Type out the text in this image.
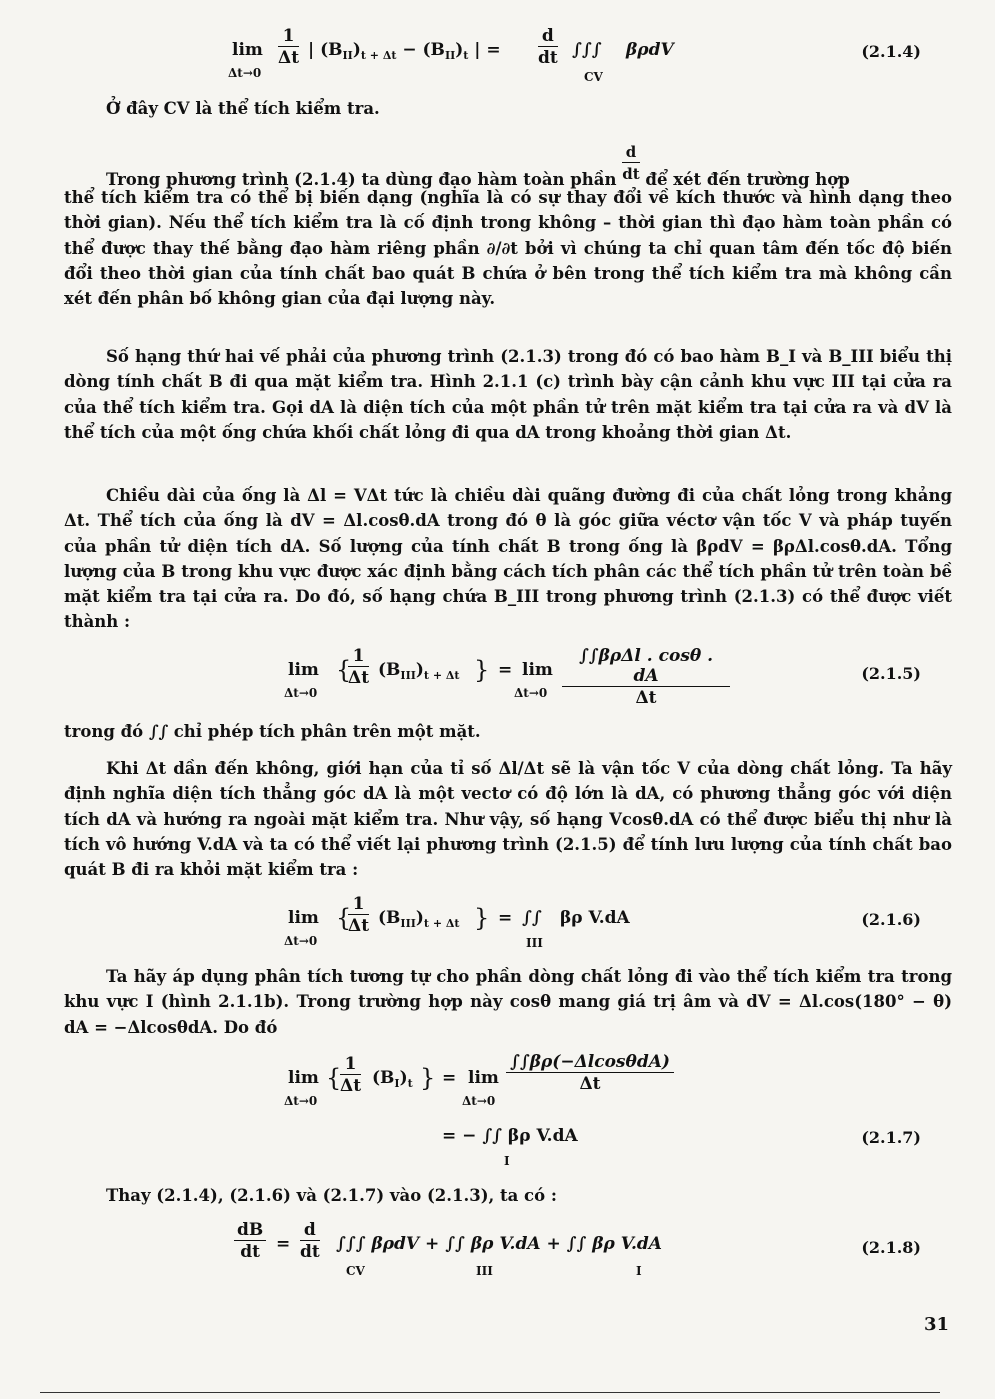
lim
Δt→0
$\frac{1}{\Delta t}$ | $(B_{II})_{t + \Delta t} - (B_{II})_t$ | = $\frac{d}{dt}$ ∫∫∫ βρdV
CV
(2.1.4)

Ở đây CV là thể tích kiểm tra.

Trong phương trình (2.1.4) ta dùng đạo hàm toàn phần $\frac{d}{dt}$ để xét đến trường hợp

thể tích kiểm tra có thể bị biến dạng (nghĩa là có sự thay đổi về kích thước và hình dạng theo thời gian). Nếu thể tích kiểm tra là cố định trong không – thời gian thì đạo hàm toàn phần có thể được thay thế bằng đạo hàm riêng phần ∂/∂t bởi vì chúng ta chỉ quan tâm đến tốc độ biến đổi theo thời gian của tính chất bao quát B chứa ở bên trong thể tích kiểm tra mà không cần xét đến phân bố không gian của đại lượng này.

Số hạng thứ hai vế phải của phương trình (2.1.3) trong đó có bao hàm B_I và B_III biểu thị dòng tính chất B đi qua mặt kiểm tra. Hình 2.1.1 (c) trình bày cận cảnh khu vực III tại cửa ra của thể tích kiểm tra. Gọi dA là diện tích của một phần tử trên mặt kiểm tra tại cửa ra và dV là thể tích của một ống chứa khối chất lỏng đi qua dA trong khoảng thời gian Δt.

Chiều dài của ống là Δl = VΔt tức là chiều dài quãng đường đi của chất lỏng trong khảng Δt. Thể tích của ống là dV = Δl.cosθ.dA trong đó θ là góc giữa véctơ vận tốc V và pháp tuyến của phần tử diện tích dA. Số lượng của tính chất B trong ống là βρdV = βρΔl.cosθ.dA. Tổng lượng của B trong khu vực được xác định bằng cách tích phân các thể tích phần tử trên toàn bề mặt kiểm tra tại cửa ra. Do đó, số hạng chứa B_III trong phương trình (2.1.3) có thể được viết thành :

lim
Δt→0
{
$\frac{1}{\Delta t} (B_{III})_{t + \Delta t}$ } = lim
Δt→0
∫∫βρΔl . cosθ . dA
Δt
(2.1.5)

trong đó ∫∫ chỉ phép tích phân trên một mặt.

Khi Δt dần đến không, giới hạn của tỉ số Δl/Δt sẽ là vận tốc V của dòng chất lỏng. Ta hãy định nghĩa diện tích thẳng góc dA là một vectơ có độ lớn là dA, có phương thẳng góc với diện tích dA và hướng ra ngoài mặt kiểm tra. Như vậy, số hạng Vcosθ.dA có thể được biểu thị như là tích vô hướng V.dA và ta có thể viết lại phương trình (2.1.5) để tính lưu lượng của tính chất bao quát B đi ra khỏi mặt kiểm tra :

lim
Δt→0
{
$\frac{1}{\Delta t} (B_{III})_{t + \Delta t}$ } = ∫∫ βρ V.dA
III
(2.1.6)

Ta hãy áp dụng phân tích tương tự cho phần dòng chất lỏng đi vào thể tích kiểm tra trong khu vực I (hình 2.1.1b). Trong trường hợp này cosθ mang giá trị âm và dV = Δl.cos(180° − θ) dA = −ΔlcosθdA. Do đó

lim
Δt→0
{
$\frac{1}{\Delta t} (B_I)_t$ } = lim
Δt→0
$\frac{\int\int\beta\rho(-\Delta lcos\theta d​A)}{\Delta t}$
= − ∫∫ βρ V.dA
I
(2.1.7)

Thay (2.1.4), (2.1.6) và (2.1.7) vào (2.1.3), ta có :

$\frac{dB}{dt} = \frac{d}{dt}$ ∫∫∫ βρdV + ∫∫ βρ V.dA + ∫∫ βρ V.dA
CV	III	I
(2.1.8)
31
